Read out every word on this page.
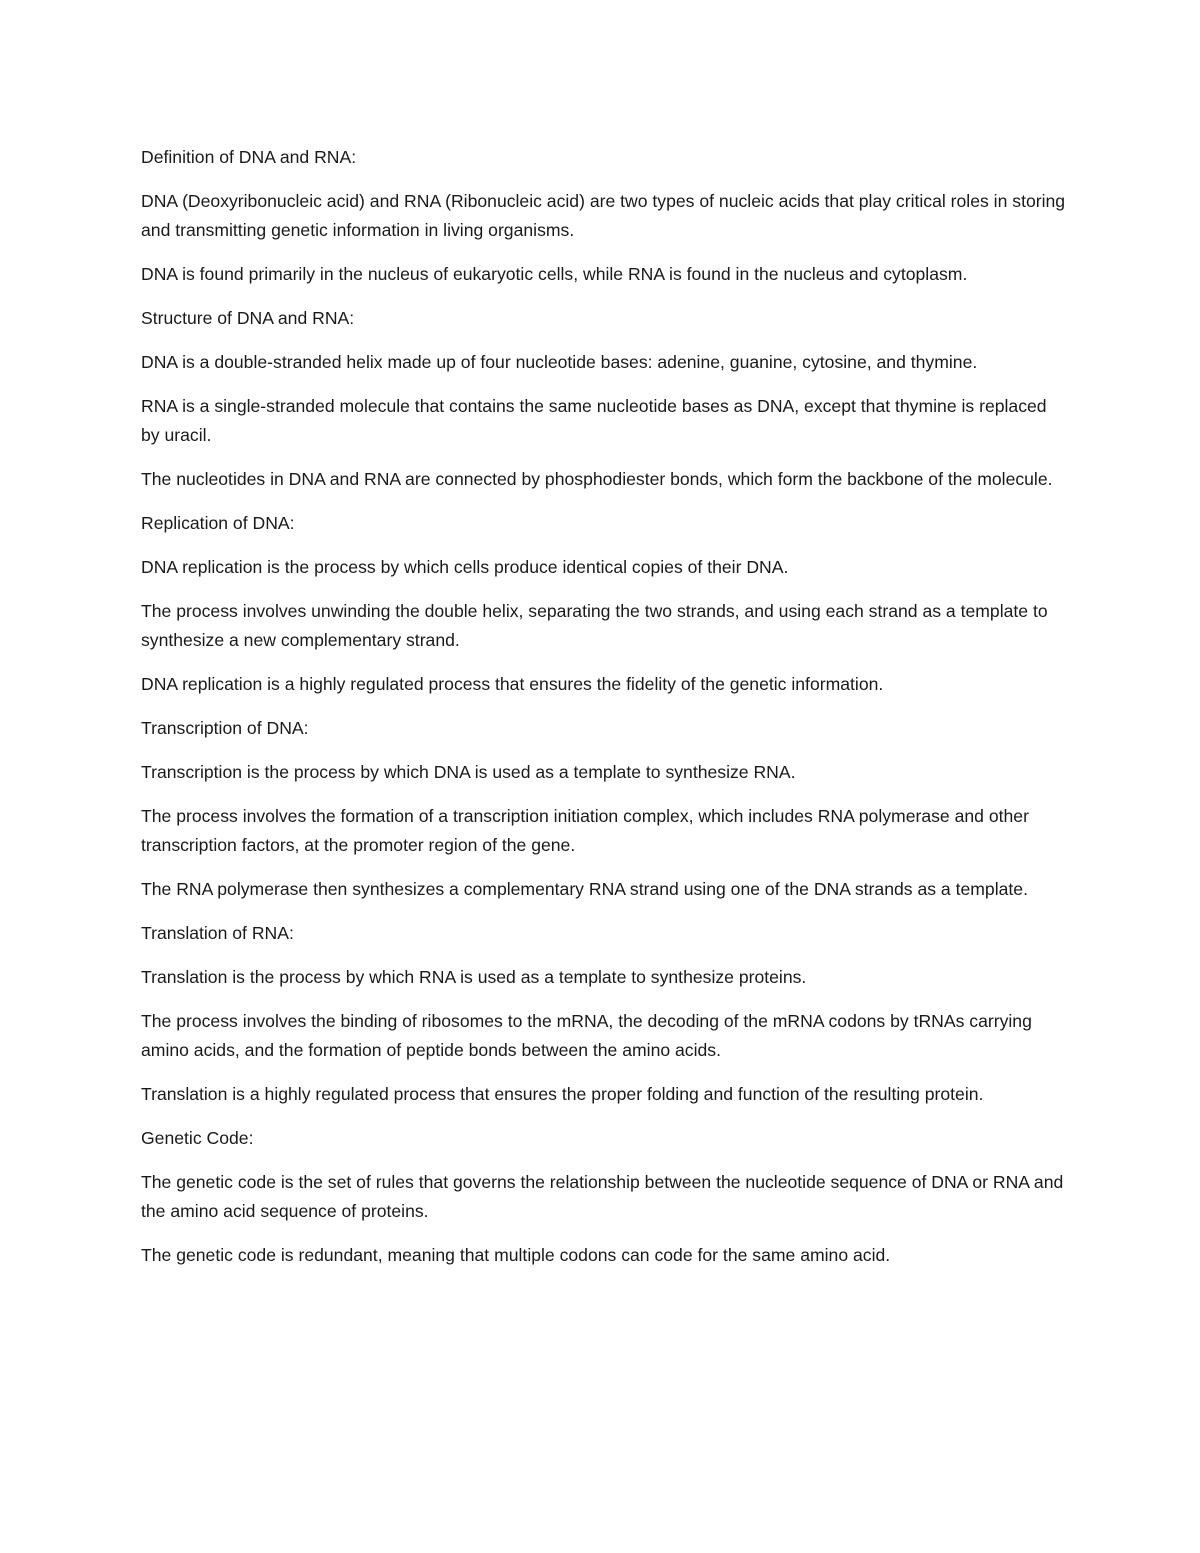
Definition of DNA and RNA:

DNA (Deoxyribonucleic acid) and RNA (Ribonucleic acid) are two types of nucleic acids that play critical roles in storing and transmitting genetic information in living organisms.

DNA is found primarily in the nucleus of eukaryotic cells, while RNA is found in the nucleus and cytoplasm.

Structure of DNA and RNA:

DNA is a double-stranded helix made up of four nucleotide bases: adenine, guanine, cytosine, and thymine.

RNA is a single-stranded molecule that contains the same nucleotide bases as DNA, except that thymine is replaced by uracil.

The nucleotides in DNA and RNA are connected by phosphodiester bonds, which form the backbone of the molecule.

Replication of DNA:

DNA replication is the process by which cells produce identical copies of their DNA.

The process involves unwinding the double helix, separating the two strands, and using each strand as a template to synthesize a new complementary strand.

DNA replication is a highly regulated process that ensures the fidelity of the genetic information.

Transcription of DNA:

Transcription is the process by which DNA is used as a template to synthesize RNA.

The process involves the formation of a transcription initiation complex, which includes RNA polymerase and other transcription factors, at the promoter region of the gene.

The RNA polymerase then synthesizes a complementary RNA strand using one of the DNA strands as a template.

Translation of RNA:

Translation is the process by which RNA is used as a template to synthesize proteins.

The process involves the binding of ribosomes to the mRNA, the decoding of the mRNA codons by tRNAs carrying amino acids, and the formation of peptide bonds between the amino acids.

Translation is a highly regulated process that ensures the proper folding and function of the resulting protein.

Genetic Code:

The genetic code is the set of rules that governs the relationship between the nucleotide sequence of DNA or RNA and the amino acid sequence of proteins.

The genetic code is redundant, meaning that multiple codons can code for the same amino acid.
